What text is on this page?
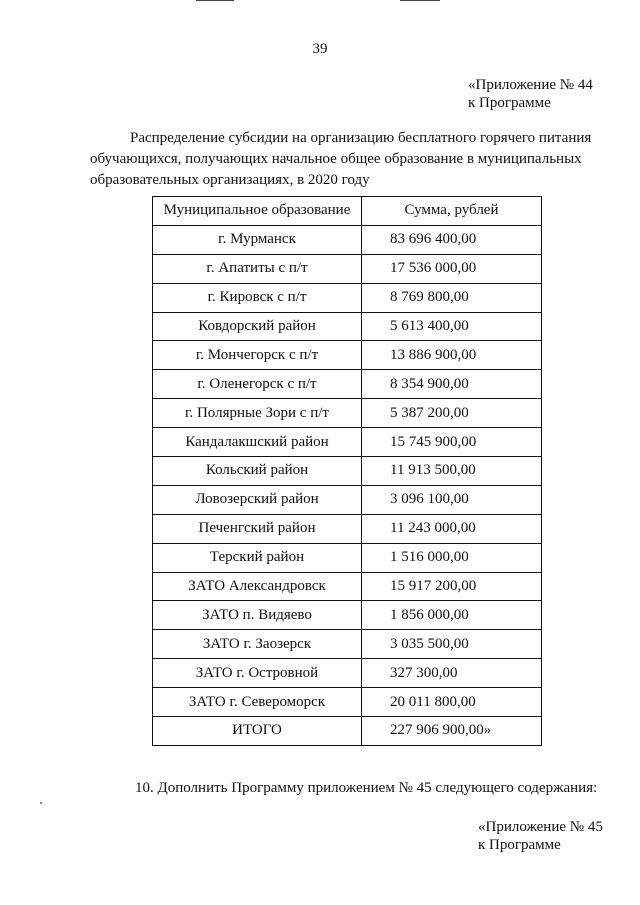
39
«Приложение № 44
к Программе
Распределение субсидии на организацию бесплатного горячего питания
обучающихся, получающих начальное общее образование в муниципальных
образовательных организациях, в 2020 году
Муниципальное образование	Сумма, рублей
г. Мурманск	83 696 400,00
г. Апатиты с п/т	17 536 000,00
г. Кировск с п/т	8 769 800,00
Ковдорский район	5 613 400,00
г. Мончегорск с п/т	13 886 900,00
г. Оленегорск с п/т	8 354 900,00
г. Полярные Зори с п/т	5 387 200,00
Кандалакшский район	15 745 900,00
Кольский район	11 913 500,00
Ловозерский район	3 096 100,00
Печенгский район	11 243 000,00
Терский район	1 516 000,00
ЗАТО Александровск	15 917 200,00
ЗАТО п. Видяево	1 856 000,00
ЗАТО г. Заозерск	3 035 500,00
ЗАТО г. Островной	327 300,00
ЗАТО г. Североморск	20 011 800,00
ИТОГО	227 906 900,00»
10. Дополнить Программу приложением № 45 следующего содержания:
«Приложение № 45
к Программе
